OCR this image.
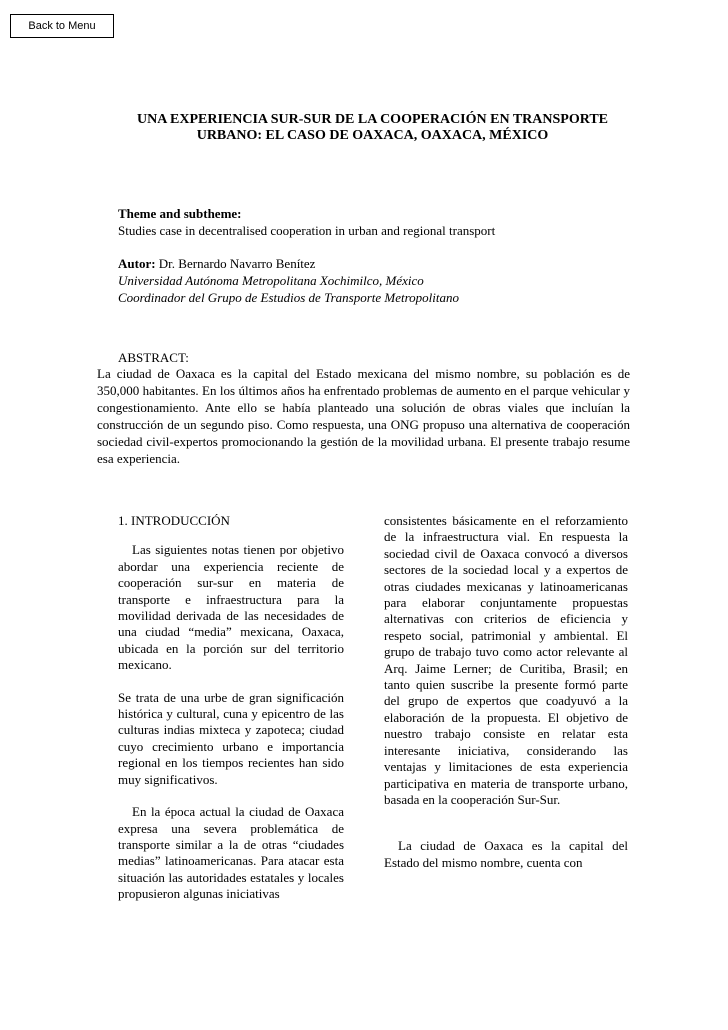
Back to Menu
UNA EXPERIENCIA SUR-SUR DE LA COOPERACIÓN EN TRANSPORTE URBANO: EL CASO DE OAXACA, OAXACA, MÉXICO
Theme and subtheme:
Studies case in decentralised cooperation in urban and regional transport
Autor: Dr. Bernardo Navarro Benítez
Universidad Autónoma Metropolitana Xochimilco, México
Coordinador del Grupo de Estudios de Transporte Metropolitano
ABSTRACT:

La ciudad de Oaxaca es la capital del Estado mexicana del mismo nombre, su población es de 350,000 habitantes. En los últimos años ha enfrentado problemas de aumento en el parque vehicular y congestionamiento. Ante ello se había planteado una solución de obras viales que incluían la construcción de un segundo piso. Como respuesta, una ONG propuso una alternativa de cooperación sociedad civil-expertos promocionando la gestión de la movilidad urbana. El presente trabajo resume esa experiencia.

1. INTRODUCCIÓN

Las siguientes notas tienen por objetivo abordar una experiencia reciente de cooperación sur-sur en materia de transporte e infraestructura para la movilidad derivada de las necesidades de una ciudad “media” mexicana, Oaxaca, ubicada en la porción sur del territorio mexicano.

Se trata de una urbe de gran significación histórica y cultural, cuna y epicentro de las culturas indias mixteca y zapoteca; ciudad cuyo crecimiento urbano e importancia regional en los tiempos recientes han sido muy significativos.

En la época actual la ciudad de Oaxaca expresa una severa problemática de transporte similar a la de otras “ciudades medias” latinoamericanas. Para atacar esta situación las autoridades estatales y locales propusieron algunas iniciativas

consistentes básicamente en el reforzamiento de la infraestructura vial. En respuesta la sociedad civil de Oaxaca convocó a diversos sectores de la sociedad local y a expertos de otras ciudades mexicanas y latinoamericanas para elaborar conjuntamente propuestas alternativas con criterios de eficiencia y respeto social, patrimonial y ambiental. El grupo de trabajo tuvo como actor relevante al Arq. Jaime Lerner; de Curitiba, Brasil; en tanto quien suscribe la presente formó parte del grupo de expertos que coadyuvó a la elaboración de la propuesta. El objetivo de nuestro trabajo consiste en relatar esta interesante iniciativa, considerando las ventajas y limitaciones de esta experiencia participativa en materia de transporte urbano, basada en la cooperación Sur-Sur.

La ciudad de Oaxaca es la capital del Estado del mismo nombre, cuenta con
